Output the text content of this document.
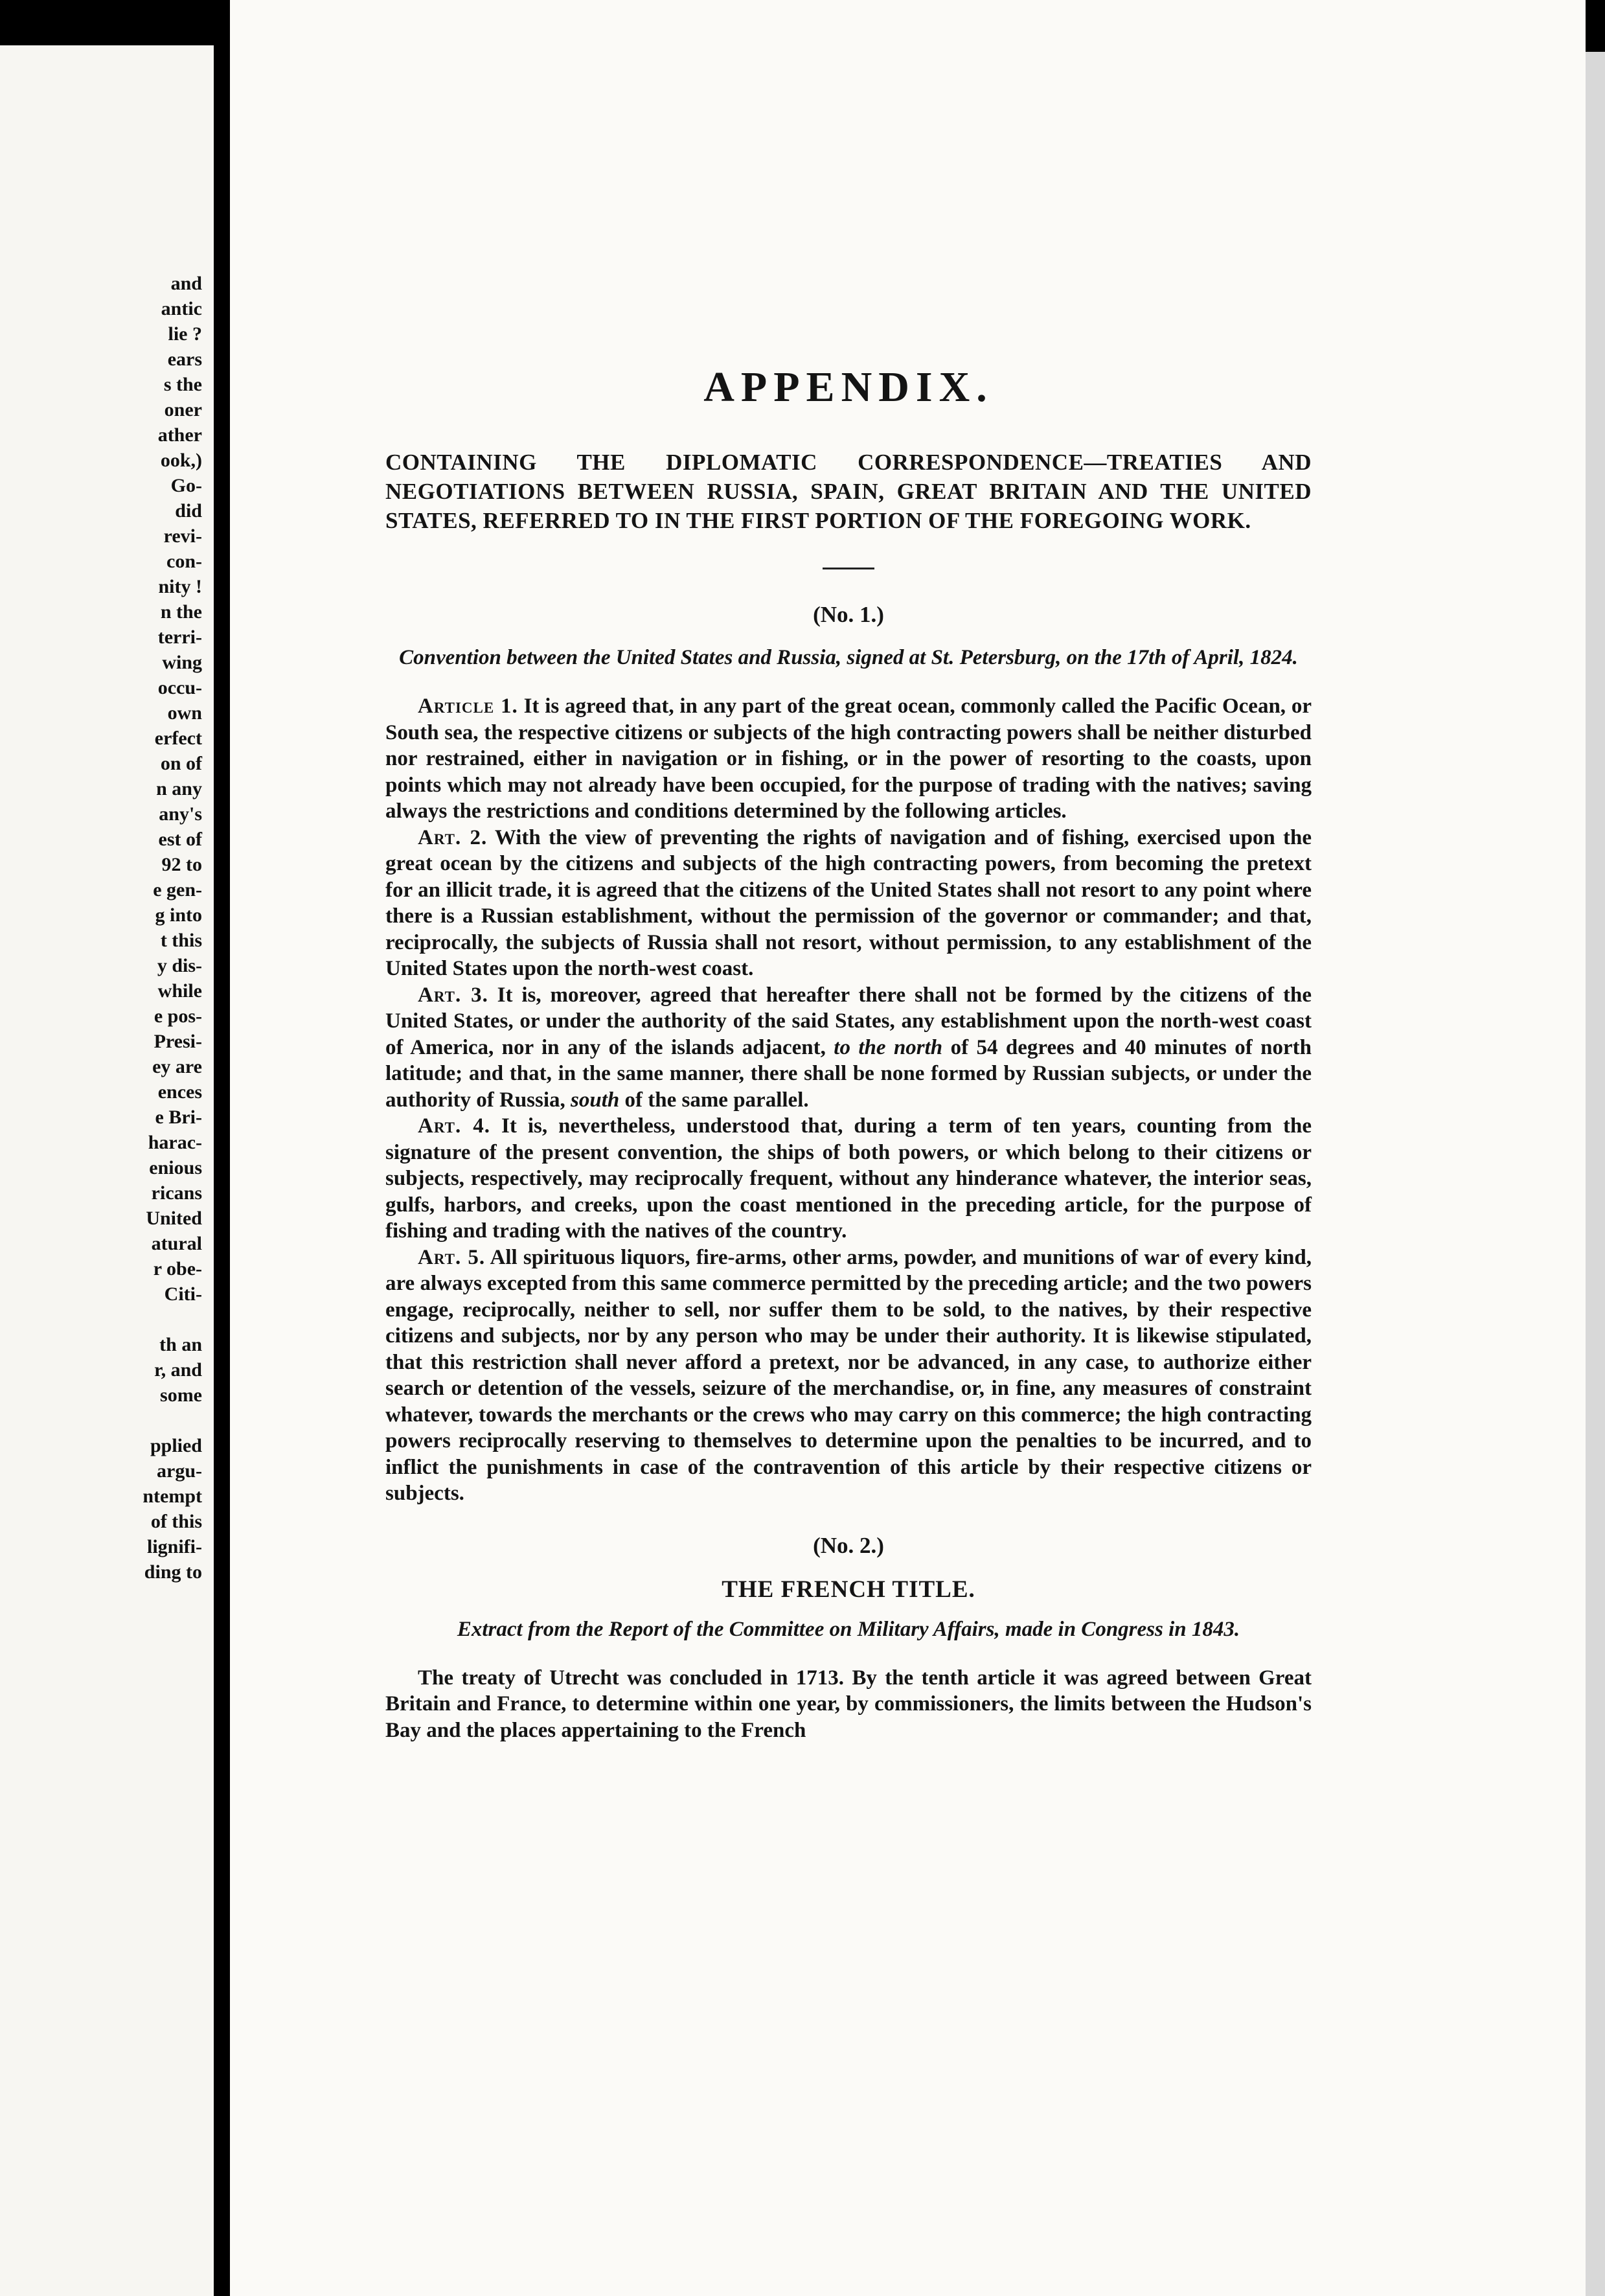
and
antic
lie ?
ears
s the
oner
ather
ook,)
Go-
did
revi-
con-
nity !
n the
terri-
wing
occu-
own
erfect
on of
n any
any's
est of
92 to
e gen-
g into
t this
y dis-
while
e pos-
Presi-
ey are
ences
e Bri-
harac-
enious
ricans
United
atural
r obe-
Citi-
th an
r, and
some
pplied
argu-
ntempt
of this
lignifi-
ding to
APPENDIX.
CONTAINING THE DIPLOMATIC CORRESPONDENCE—TREATIES AND NEGOTIATIONS BETWEEN RUSSIA, SPAIN, GREAT BRITAIN AND THE UNITED STATES, REFERRED TO IN THE FIRST PORTION OF THE FOREGOING WORK.
(No. 1.)
Convention between the United States and Russia, signed at St. Petersburg, on the 17th of April, 1824.

Article 1. It is agreed that, in any part of the great ocean, commonly called the Pacific Ocean, or South sea, the respective citizens or subjects of the high contracting powers shall be neither disturbed nor restrained, either in navigation or in fishing, or in the power of resorting to the coasts, upon points which may not already have been occupied, for the purpose of trading with the natives; saving always the restrictions and conditions determined by the following articles.

Art. 2. With the view of preventing the rights of navigation and of fishing, exercised upon the great ocean by the citizens and subjects of the high contracting powers, from becoming the pretext for an illicit trade, it is agreed that the citizens of the United States shall not resort to any point where there is a Russian establishment, without the permission of the governor or commander; and that, reciprocally, the subjects of Russia shall not resort, without permission, to any establishment of the United States upon the north-west coast.

Art. 3. It is, moreover, agreed that hereafter there shall not be formed by the citizens of the United States, or under the authority of the said States, any establishment upon the north-west coast of America, nor in any of the islands adjacent, to the north of 54 degrees and 40 minutes of north latitude; and that, in the same manner, there shall be none formed by Russian subjects, or under the authority of Russia, south of the same parallel.

Art. 4. It is, nevertheless, understood that, during a term of ten years, counting from the signature of the present convention, the ships of both powers, or which belong to their citizens or subjects, respectively, may reciprocally frequent, without any hinderance whatever, the interior seas, gulfs, harbors, and creeks, upon the coast mentioned in the preceding article, for the purpose of fishing and trading with the natives of the country.

Art. 5. All spirituous liquors, fire-arms, other arms, powder, and munitions of war of every kind, are always excepted from this same commerce permitted by the preceding article; and the two powers engage, reciprocally, neither to sell, nor suffer them to be sold, to the natives, by their respective citizens and subjects, nor by any person who may be under their authority. It is likewise stipulated, that this restriction shall never afford a pretext, nor be advanced, in any case, to authorize either search or detention of the vessels, seizure of the merchandise, or, in fine, any measures of constraint whatever, towards the merchants or the crews who may carry on this commerce; the high contracting powers reciprocally reserving to themselves to determine upon the penalties to be incurred, and to inflict the punishments in case of the contravention of this article by their respective citizens or subjects.

(No. 2.)
THE FRENCH TITLE.
Extract from the Report of the Committee on Military Affairs, made in Congress in 1843.

The treaty of Utrecht was concluded in 1713. By the tenth article it was agreed between Great Britain and France, to determine within one year, by commissioners, the limits between the Hudson's Bay and the places appertaining to the French
